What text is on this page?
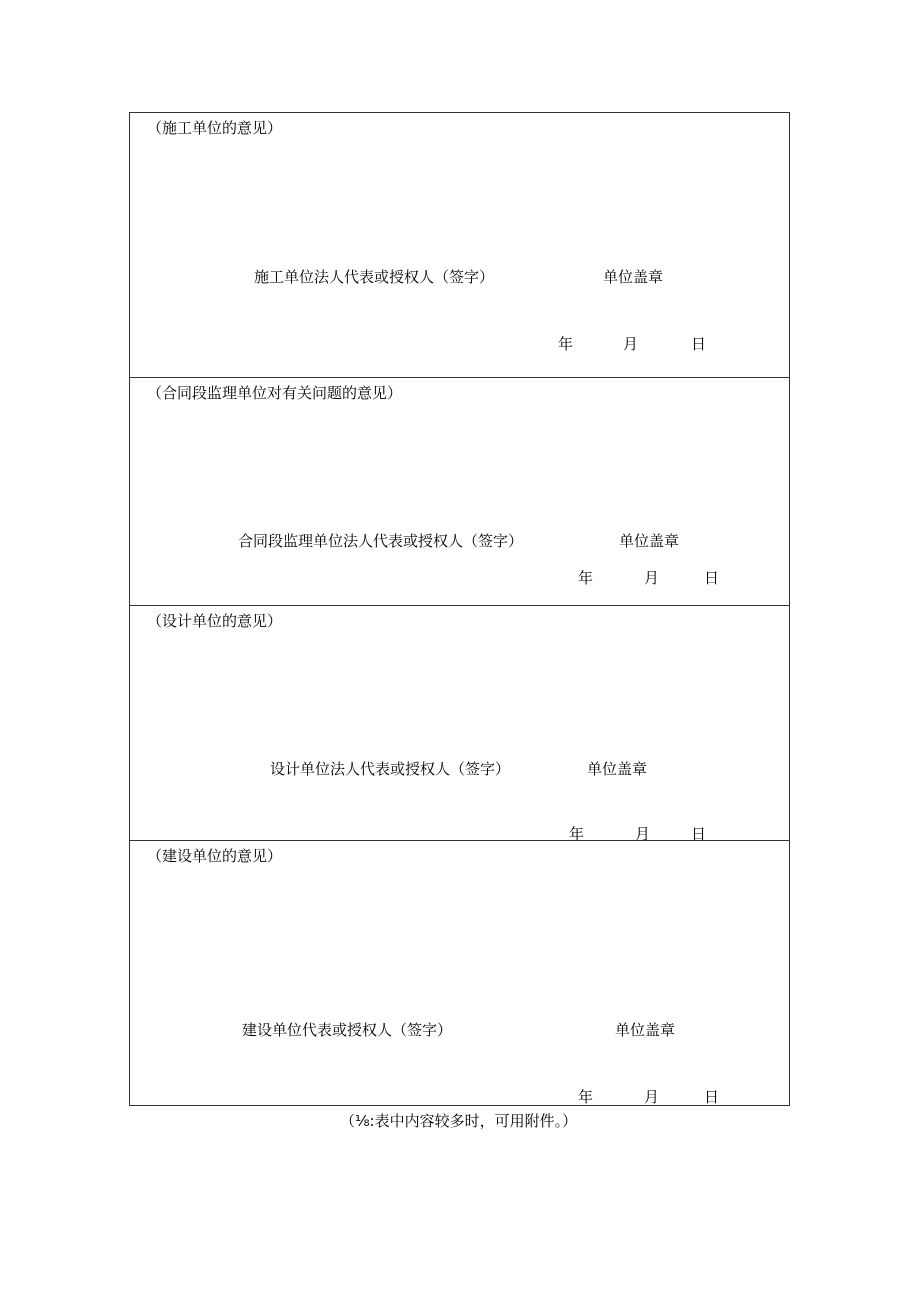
（施工单位的意见）
施工单位法人代表或授权人（签字）	单位盖章
年	月	日
（合同段监理单位对有关问题的意见）
合同段监理单位法人代表或授权人（签字）	单位盖章
年	月	日
（设计单位的意见）
设计单位法人代表或授权人（签字）	单位盖章
年	月	日
（建设单位的意见）
建设单位代表或授权人（签字）	单位盖章
年	月	日
（⅛:表中内容较多时，可用附件。）
